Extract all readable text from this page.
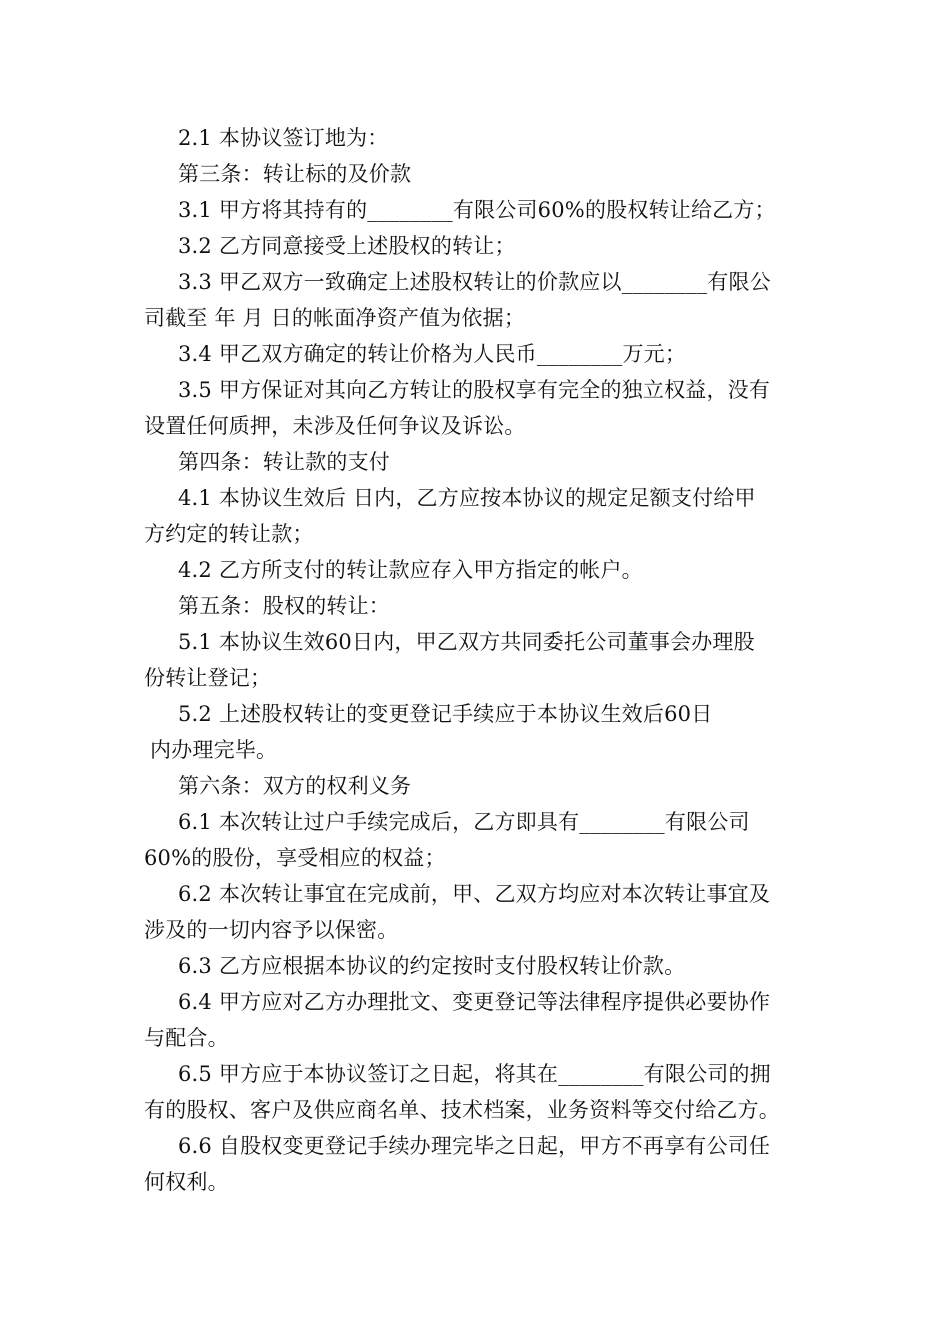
2.1 本协议签订地为：
第三条：转让标的及价款
3.1 甲方将其持有的________有限公司60%的股权转让给乙方；
3.2 乙方同意接受上述股权的转让；
3.3 甲乙双方一致确定上述股权转让的价款应以________有限公
司截至 年 月 日的帐面净资产值为依据；
3.4 甲乙双方确定的转让价格为人民币________万元；
3.5 甲方保证对其向乙方转让的股权享有完全的独立权益，没有
设置任何质押，未涉及任何争议及诉讼。
第四条：转让款的支付
4.1 本协议生效后 日内，乙方应按本协议的规定足额支付给甲
方约定的转让款；
4.2 乙方所支付的转让款应存入甲方指定的帐户。
第五条：股权的转让：
5.1 本协议生效60日内，甲乙双方共同委托公司董事会办理股
份转让登记；
5.2 上述股权转让的变更登记手续应于本协议生效后60日
内办理完毕。
第六条：双方的权利义务
6.1 本次转让过户手续完成后，乙方即具有________有限公司
60%的股份，享受相应的权益；
6.2 本次转让事宜在完成前，甲、乙双方均应对本次转让事宜及
涉及的一切内容予以保密。
6.3 乙方应根据本协议的约定按时支付股权转让价款。
6.4 甲方应对乙方办理批文、变更登记等法律程序提供必要协作
与配合。
6.5 甲方应于本协议签订之日起，将其在________有限公司的拥
有的股权、客户及供应商名单、技术档案，业务资料等交付给乙方。
6.6 自股权变更登记手续办理完毕之日起，甲方不再享有公司任
何权利。
